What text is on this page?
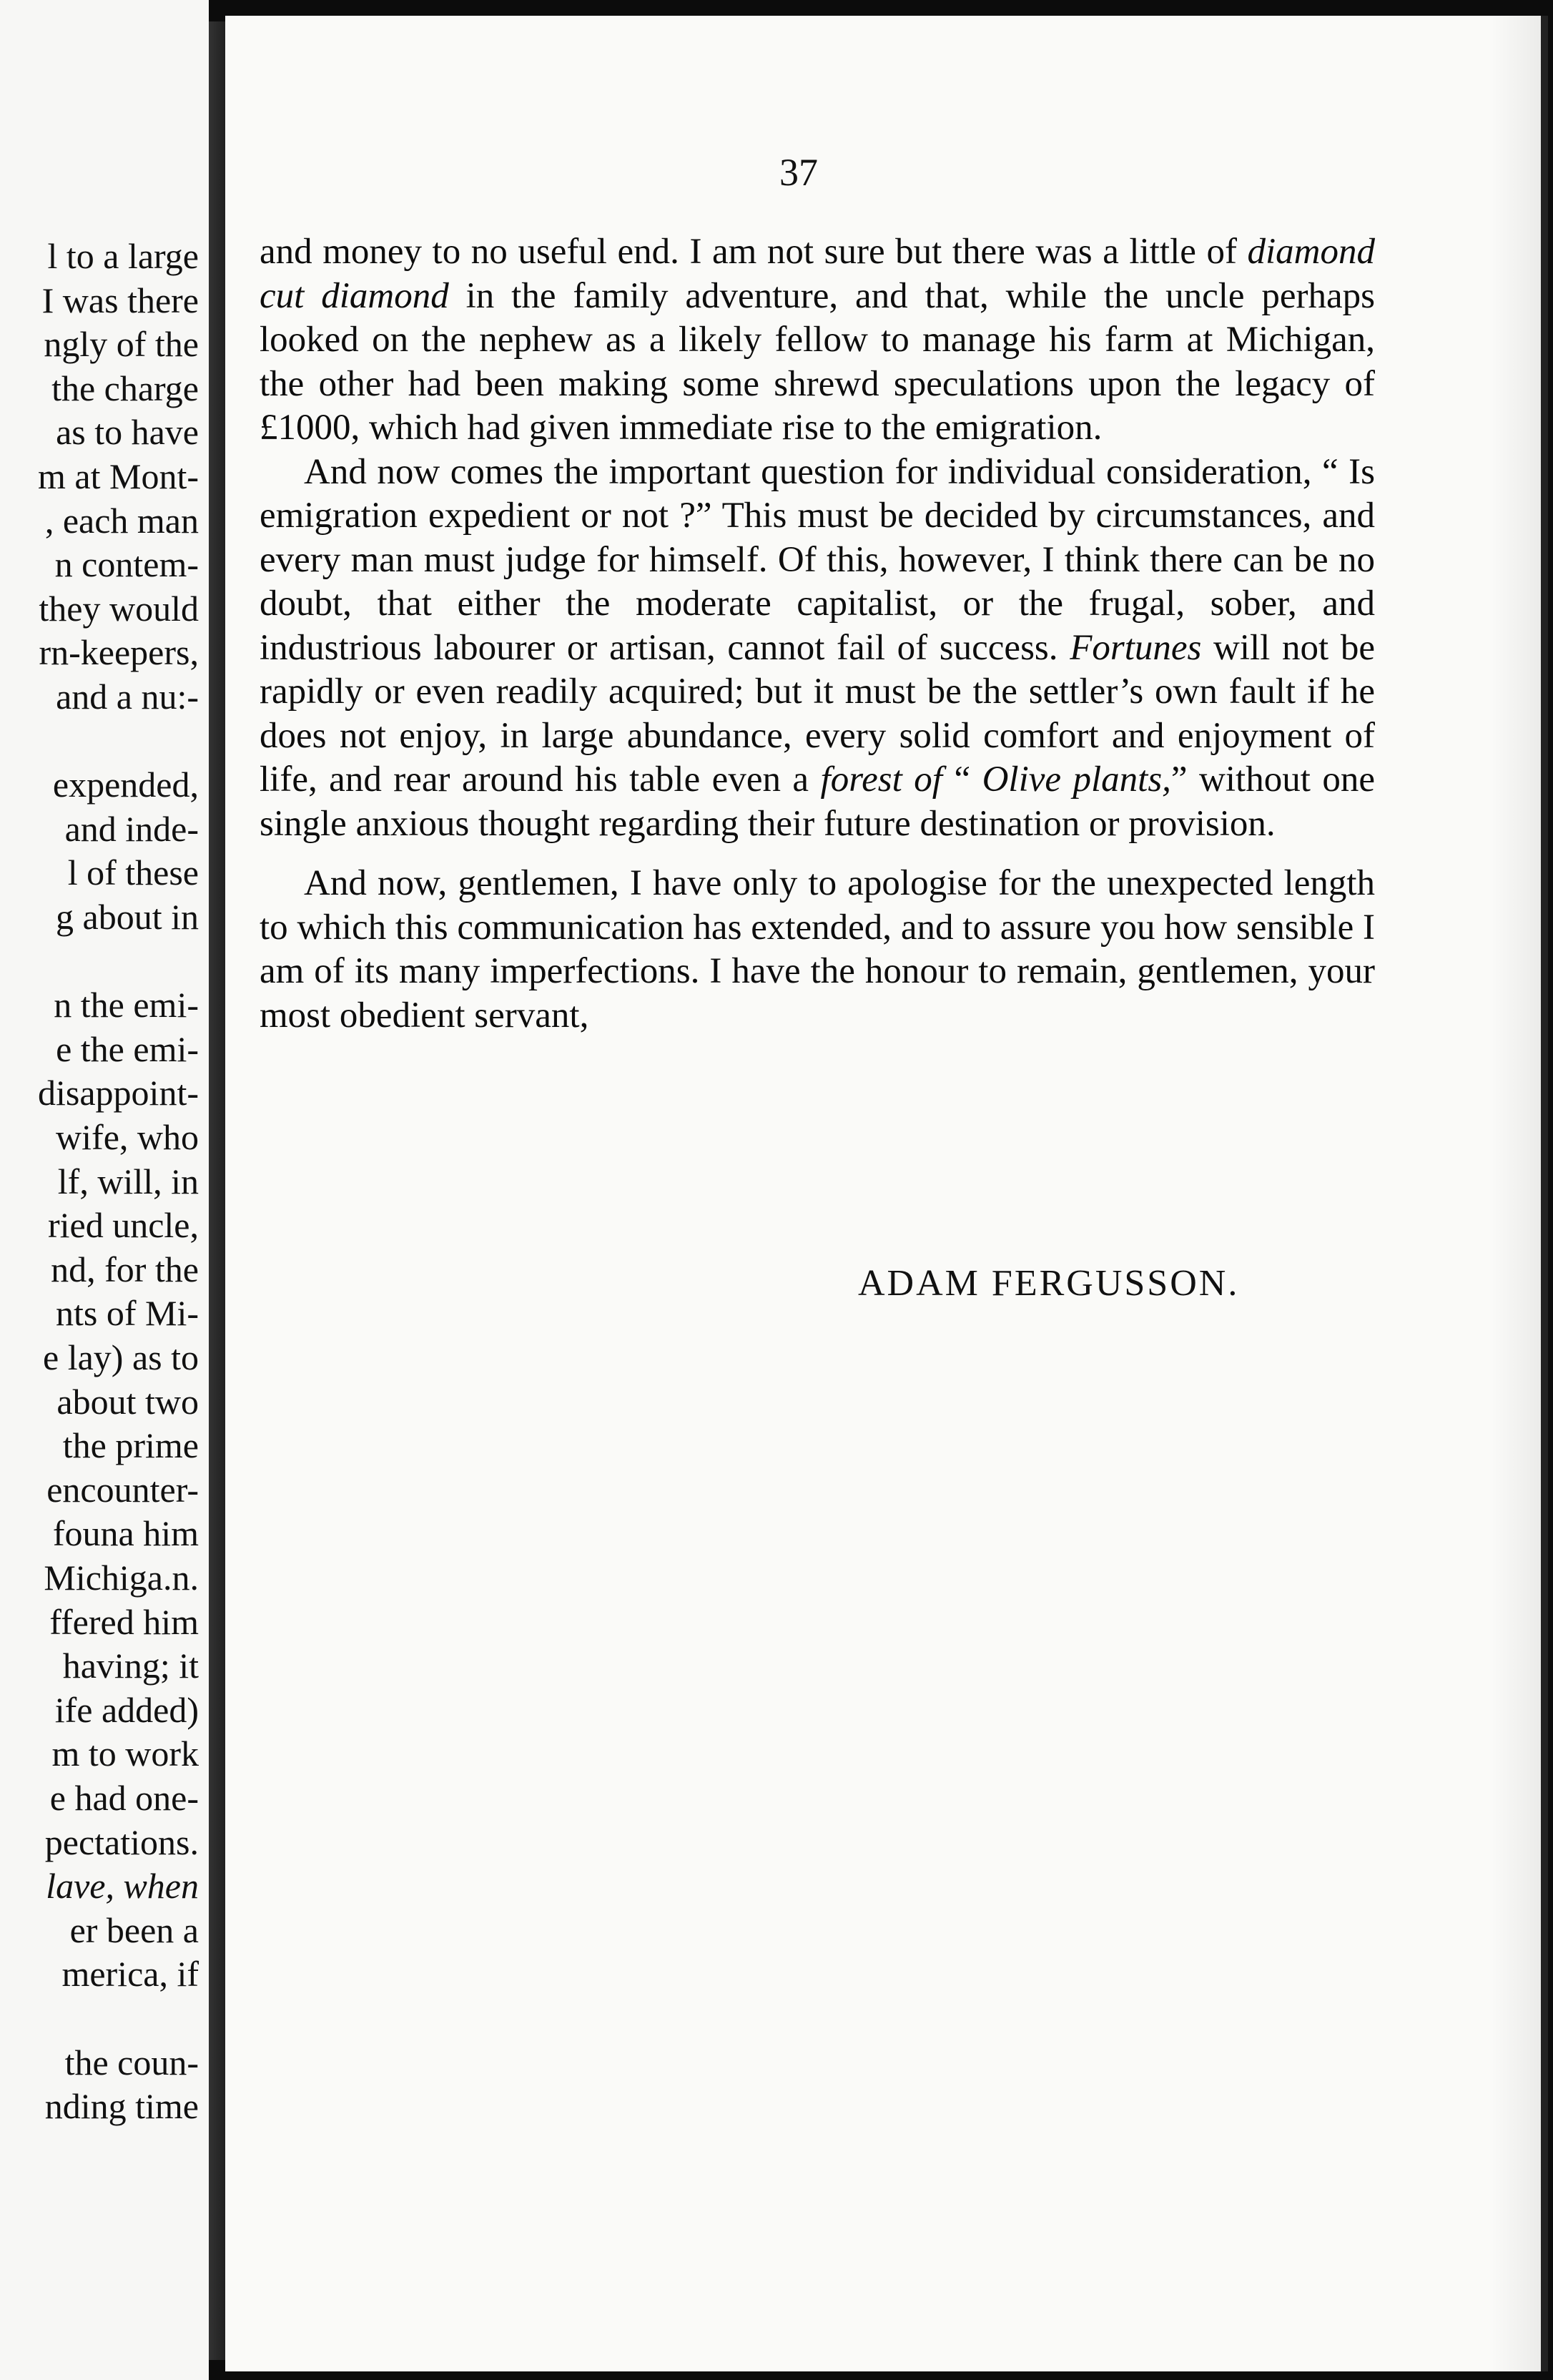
l to a large
I was there
ngly of the
the charge
as to have
m at Mont-
, each man
n contem-
they would
rn-keepers,
and a nu:-
expended,
and inde-
l of these
g about in
n the emi-
e the emi-
disappoint-
wife, who
lf, will, in
ried uncle,
nd, for the
nts of Mi-
e lay) as to
about two
the prime
encounter-
founa him
Michiga.n.
ffered him
having; it
ife added)
m to work
e had one-
pectations.
lave, when
er been a
merica, if
the coun-
nding time
37

and money to no useful end. I am not sure but there was a little of diamond cut diamond in the family adventure, and that, while the uncle perhaps looked on the nephew as a likely fellow to manage his farm at Michigan, the other had been making some shrewd speculations upon the legacy of £1000, which had given immediate rise to the emigration.

And now comes the important question for individual consideration, “ Is emigration expedient or not ?” This must be decided by circumstances, and every man must judge for himself. Of this, however, I think there can be no doubt, that either the moderate capitalist, or the frugal, sober, and industrious labourer or artisan, cannot fail of success. Fortunes will not be rapidly or even readily acquired; but it must be the settler’s own fault if he does not enjoy, in large abundance, every solid comfort and enjoyment of life, and rear around his table even a forest of “ Olive plants,” without one single anxious thought regarding their future destination or provision.

And now, gentlemen, I have only to apologise for the unexpected length to which this communication has extended, and to assure you how sensible I am of its many imperfections. I have the honour to remain, gentlemen, your most obedient servant,

ADAM FERGUSSON.
